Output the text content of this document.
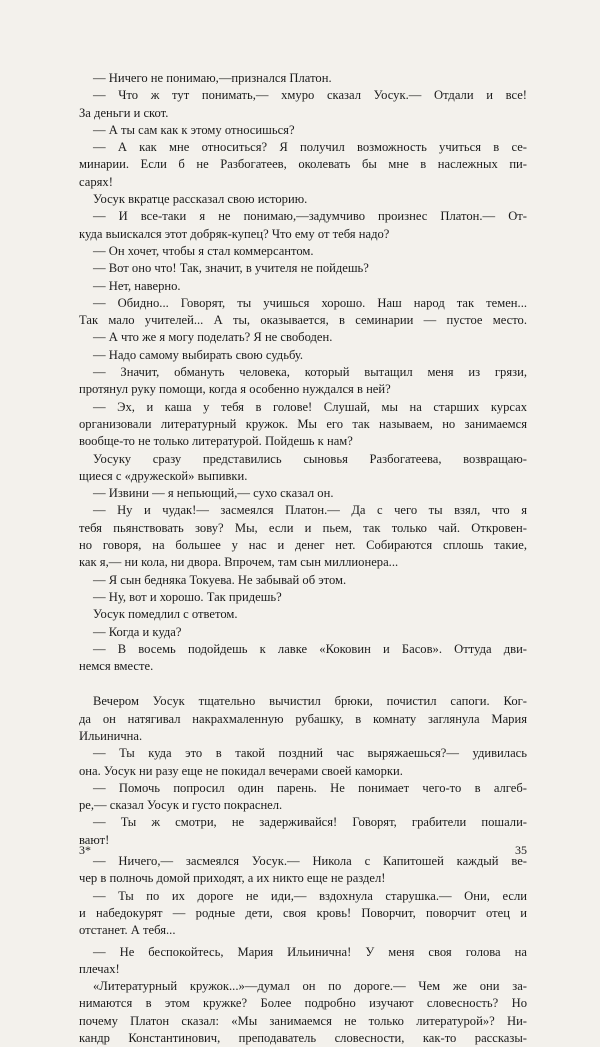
— Ничего не понимаю,—признался Платон.
— Что ж тут понимать,— хмуро сказал Уосук.— Отдали и все!
За деньги и скот.
— А ты сам как к этому относишься?
— А как мне относиться? Я получил возможность учиться в се-
минарии. Если б не Разбогатеев, околевать бы мне в наслежных пи-
сарях!
Уосук вкратце рассказал свою историю.
— И все-таки я не понимаю,—задумчиво произнес Платон.— От-
куда выискался этот добряк-купец? Что ему от тебя надо?
— Он хочет, чтобы я стал коммерсантом.
— Вот оно что! Так, значит, в учителя не пойдешь?
— Нет, наверно.
— Обидно... Говорят, ты учишься хорошо. Наш народ так темен...
Так мало учителей... А ты, оказывается, в семинарии — пустое место.
— А что же я могу поделать? Я не свободен.
— Надо самому выбирать свою судьбу.
— Значит, обмануть человека, который вытащил меня из грязи,
протянул руку помощи, когда я особенно нуждался в ней?
— Эх, и каша у тебя в голове! Слушай, мы на старших курсах
организовали литературный кружок. Мы его так называем, но занимаемся
вообще-то не только литературой. Пойдешь к нам?
Уосуку сразу представились сыновья Разбогатеева, возвращаю-
щиеся с «дружеской» выпивки.
— Извини — я непьющий,— сухо сказал он.
— Ну и чудак!— засмеялся Платон.— Да с чего ты взял, что я
тебя пьянствовать зову? Мы, если и пьем, так только чай. Откровен-
но говоря, на большее у нас и денег нет. Собираются сплошь такие,
как я,— ни кола, ни двора. Впрочем, там сын миллионера...
— Я сын бедняка Токуева. Не забывай об этом.
— Ну, вот и хорошо. Так придешь?
Уосук помедлил с ответом.
— Когда и куда?
— В восемь подойдешь к лавке «Коковин и Басов». Оттуда дви-
немся вместе.
Вечером Уосук тщательно вычистил брюки, почистил сапоги. Ког-
да он натягивал накрахмаленную рубашку, в комнату заглянула Мария
Ильинична.
— Ты куда это в такой поздний час выряжаешься?— удивилась
она. Уосук ни разу еще не покидал вечерами своей каморки.
— Помочь попросил один парень. Не понимает чего-то в алгеб-
ре,— сказал Уосук и густо покраснел.
— Ты ж смотри, не задерживайся! Говорят, грабители пошали-
вают!
— Ничего,— засмеялся Уосук.— Никола с Капитошей каждый ве-
чер в полночь домой приходят, а их никто еще не раздел!
— Ты по их дороге не иди,— вздохнула старушка.— Они, если
и набедокурят — родные дети, своя кровь! Поворчит, поворчит отец и
отстанет. А тебя...
— Не беспокойтесь, Мария Ильинична! У меня своя голова на
плечах!
«Литературный кружок...»—думал он по дороге.— Чем же они за-
нимаются в этом кружке? Более подробно изучают словесность? Но
почему Платон сказал: «Мы занимаемся не только литературой»? Ни-
кандр Константинович, преподаватель словесности, как-то рассказы-
3*	35
